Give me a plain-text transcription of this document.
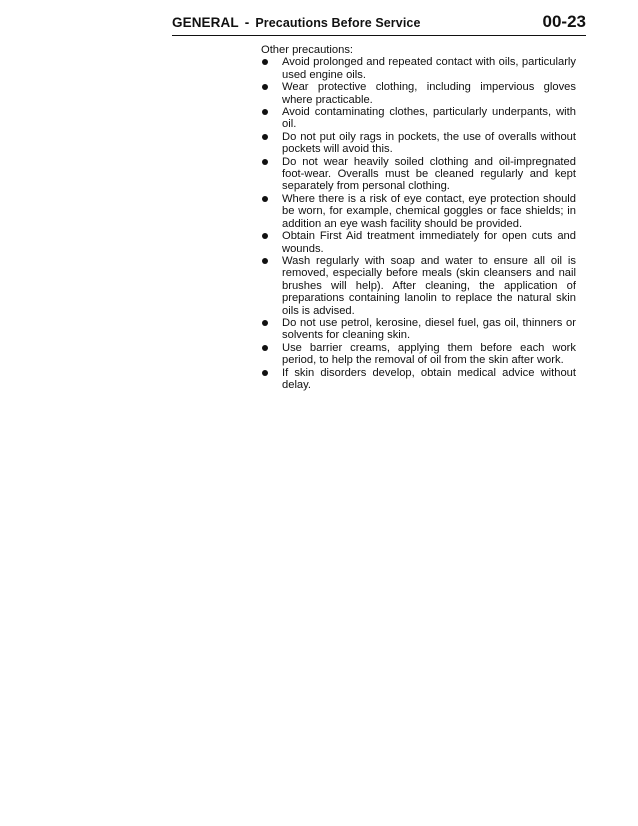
GENERAL - Precautions Before Service	00-23

Other precautions:

Avoid prolonged and repeated contact with oils, particularly used engine oils.
Wear protective clothing, including impervious gloves where practicable.
Avoid contaminating clothes, particularly underpants, with oil.
Do not put oily rags in pockets, the use of overalls without pockets will avoid this.
Do not wear heavily soiled clothing and oil-impregnated foot-wear. Overalls must be cleaned regularly and kept separately from personal clothing.
Where there is a risk of eye contact, eye protection should be worn, for example, chemical goggles or face shields; in addition an eye wash facility should be provided.
Obtain First Aid treatment immediately for open cuts and wounds.
Wash regularly with soap and water to ensure all oil is removed, especially before meals (skin cleansers and nail brushes will help). After cleaning, the application of preparations containing lanolin to replace the natural skin oils is advised.
Do not use petrol, kerosine, diesel fuel, gas oil, thinners or solvents for cleaning skin.
Use barrier creams, applying them before each work period, to help the removal of oil from the skin after work.
If skin disorders develop, obtain medical advice without delay.
